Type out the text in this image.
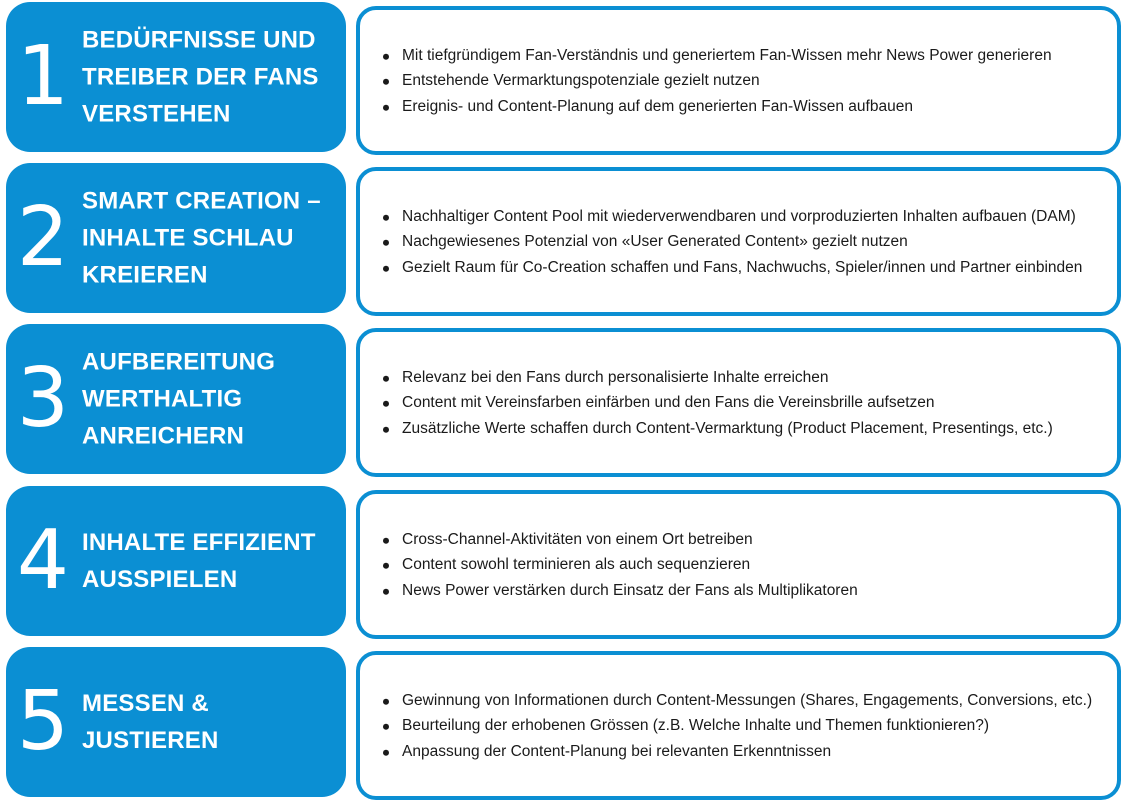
1 BEDÜRFNISSE UND
TREIBER DER FANS
VERSTEHEN
Mit tiefgründigem Fan-Verständnis und generiertem Fan-Wissen mehr News Power generieren
Entstehende Vermarktungspotenziale gezielt nutzen
Ereignis- und Content-Planung auf dem generierten Fan-Wissen aufbauen
2 SMART CREATION –
INHALTE SCHLAU
KREIEREN
Nachhaltiger Content Pool mit wiederverwendbaren und vorproduzierten Inhalten aufbauen (DAM)
Nachgewiesenes Potenzial von «User Generated Content» gezielt nutzen
Gezielt Raum für Co-Creation schaffen und Fans, Nachwuchs, Spieler/innen und Partner einbinden
3 AUFBEREITUNG
WERTHALTIG
ANREICHERN
Relevanz bei den Fans durch personalisierte Inhalte erreichen
Content mit Vereinsfarben einfärben und den Fans die Vereinsbrille aufsetzen
Zusätzliche Werte schaffen durch Content-Vermarktung (Product Placement, Presentings, etc.)
4 INHALTE EFFIZIENT
AUSSPIELEN
Cross-Channel-Aktivitäten von einem Ort betreiben
Content sowohl terminieren als auch sequenzieren
News Power verstärken durch Einsatz der Fans als Multiplikatoren
5 MESSEN &
JUSTIEREN
Gewinnung von Informationen durch Content-Messungen (Shares, Engagements, Conversions, etc.)
Beurteilung der erhobenen Grössen (z.B. Welche Inhalte und Themen funktionieren?)
Anpassung der Content-Planung bei relevanten Erkenntnissen
